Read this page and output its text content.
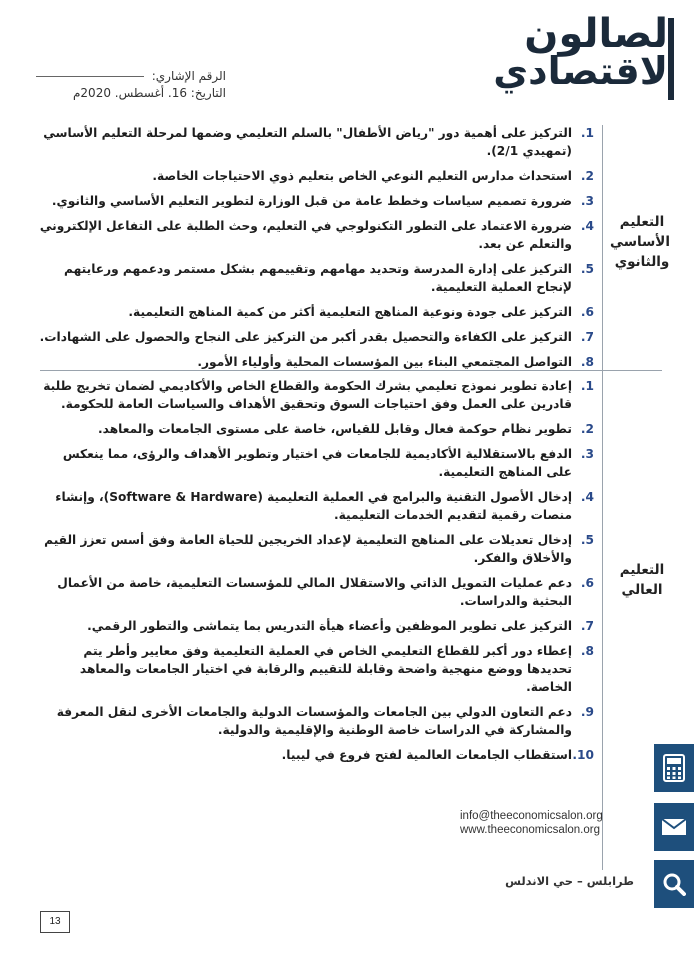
لصالون
لاقتصادي
الرقم الإشاري:
التاريخ: 16. أغسطس. 2020م
التعليم الأساسي والثانوي
التعليم العالي
1.
التركيز على أهمية دور "رياض الأطفال" بالسلم التعليمي وضمها لمرحلة التعليم الأساسي (تمهيدي 2/1).
2.
استحداث مدارس التعليم النوعي الخاص بتعليم ذوي الاحتياجات الخاصة.
3.
ضرورة تصميم سياسات وخطط عامة من قبل الوزارة لتطوير التعليم الأساسي والثانوي.
4.
ضرورة الاعتماد على التطور التكنولوجي في التعليم، وحث الطلبة على التفاعل الإلكتروني والتعلم عن بعد.
5.
التركيز على إدارة المدرسة وتحديد مهامهم وتقييمهم بشكل مستمر ودعمهم ورعايتهم لإنجاح العملية التعليمية.
6.
التركيز على جودة ونوعية المناهج التعليمية أكثر من كمية المناهج التعليمية.
7.
التركيز على الكفاءة والتحصيل بقدر أكبر من التركيز على النجاح والحصول على الشهادات.
8.
التواصل المجتمعي البناء بين المؤسسات المحلية وأولياء الأمور.
1.
إعادة تطوير نموذج تعليمي بشرك الحكومة والقطاع الخاص والأكاديمي لضمان تخريج طلبة قادرين على العمل وفق احتياجات السوق وتحقيق الأهداف والسياسات العامة للحكومة.
2.
تطوير نظام حوكمة فعال وقابل للقياس، خاصة على مستوى الجامعات والمعاهد.
3.
الدفع بالاستقلالية الأكاديمية للجامعات في اختيار وتطوير الأهداف والرؤى، مما ينعكس على المناهج التعليمية.
4.
إدخال الأصول التقنية والبرامج في العملية التعليمية (Software & Hardware)، وإنشاء منصات رقمية لتقديم الخدمات التعليمية.
5.
إدخال تعديلات على المناهج التعليمية لإعداد الخريجين للحياة العامة وفق أسس تعزز القيم والأخلاق والفكر.
6.
دعم عمليات التمويل الذاتي والاستقلال المالي للمؤسسات التعليمية، خاصة من الأعمال البحثية والدراسات.
7.
التركيز على تطوير الموظفين وأعضاء هيأة التدريس بما يتماشى والتطور الرقمي.
8.
إعطاء دور أكبر للقطاع التعليمي الخاص في العملية التعليمية وفق معايير وأطر يتم تحديدها ووضع منهجية واضحة وقابلة للتقييم والرقابة في اختيار الجامعات والمعاهد الخاصة.
9.
دعم التعاون الدولي بين الجامعات والمؤسسات الدولية والجامعات الأخرى لنقل المعرفة والمشاركة في الدراسات خاصة الوطنية والإقليمية والدولية.
10.
استقطاب الجامعات العالمية لفتح فروع في ليبيا.
info@theeconomicsalon.org
www.theeconomicsalon.org
طرابلس – حي الاندلس
13
